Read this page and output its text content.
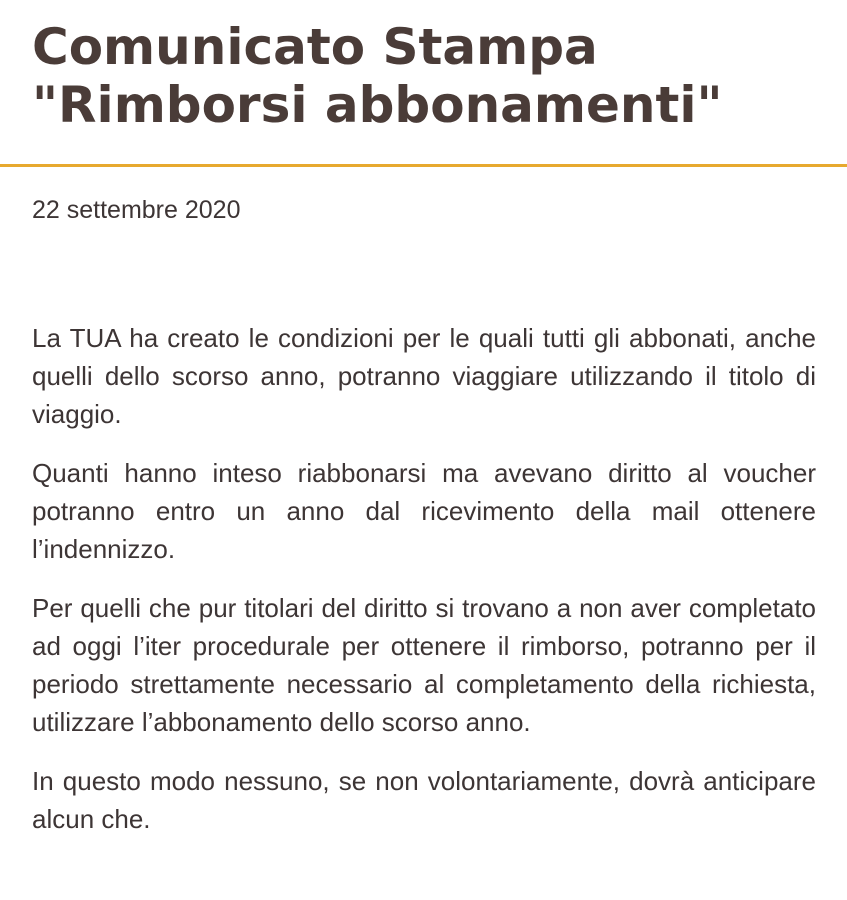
Comunicato Stampa
"Rimborsi abbonamenti"
22 settembre 2020

La TUA ha creato le condizioni per le quali tutti gli abbonati, anche quelli dello scorso anno, potranno viaggiare utilizzando il titolo di viaggio.

Quanti hanno inteso riabbonarsi ma avevano diritto al voucher potranno entro un anno dal ricevimento della mail ottenere l’indennizzo.

Per quelli che pur titolari del diritto si trovano a non aver completato ad oggi l’iter procedurale per ottenere il rimborso, potranno per il periodo strettamente necessario al completamento della richiesta, utilizzare l’abbonamento dello scorso anno.

In questo modo nessuno, se non volontariamente, dovrà anticipare alcun che.
